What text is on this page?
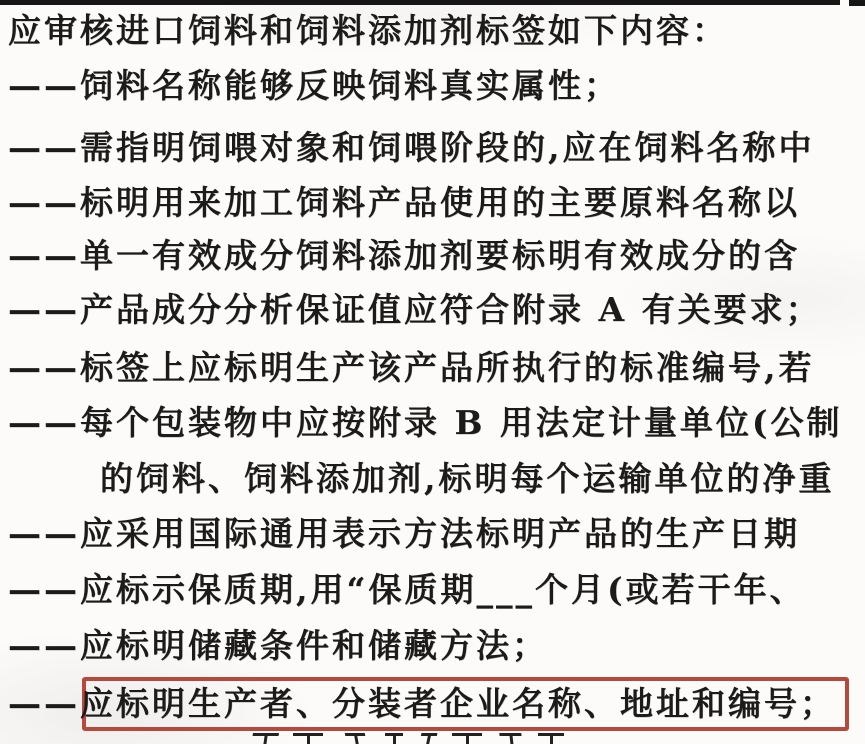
应审核进口饲料和饲料添加剂标签如下内容：
——饲料名称能够反映饲料真实属性；
——需指明饲喂对象和饲喂阶段的,应在饲料名称中
——标明用来加工饲料产品使用的主要原料名称以
——单一有效成分饲料添加剂要标明有效成分的含
——产品成分分析保证值应符合附录 A 有关要求；
——标签上应标明生产该产品所执行的标准编号,若
——每个包装物中应按附录 B 用法定计量单位(公制
的饲料、饲料添加剂,标明每个运输单位的净重
——应采用国际通用表示方法标明产品的生产日期
——应标示保质期,用“保质期___个月(或若干年、
——应标明储藏条件和储藏方法；
——应标明生产者、分装者企业名称、地址和编号；
